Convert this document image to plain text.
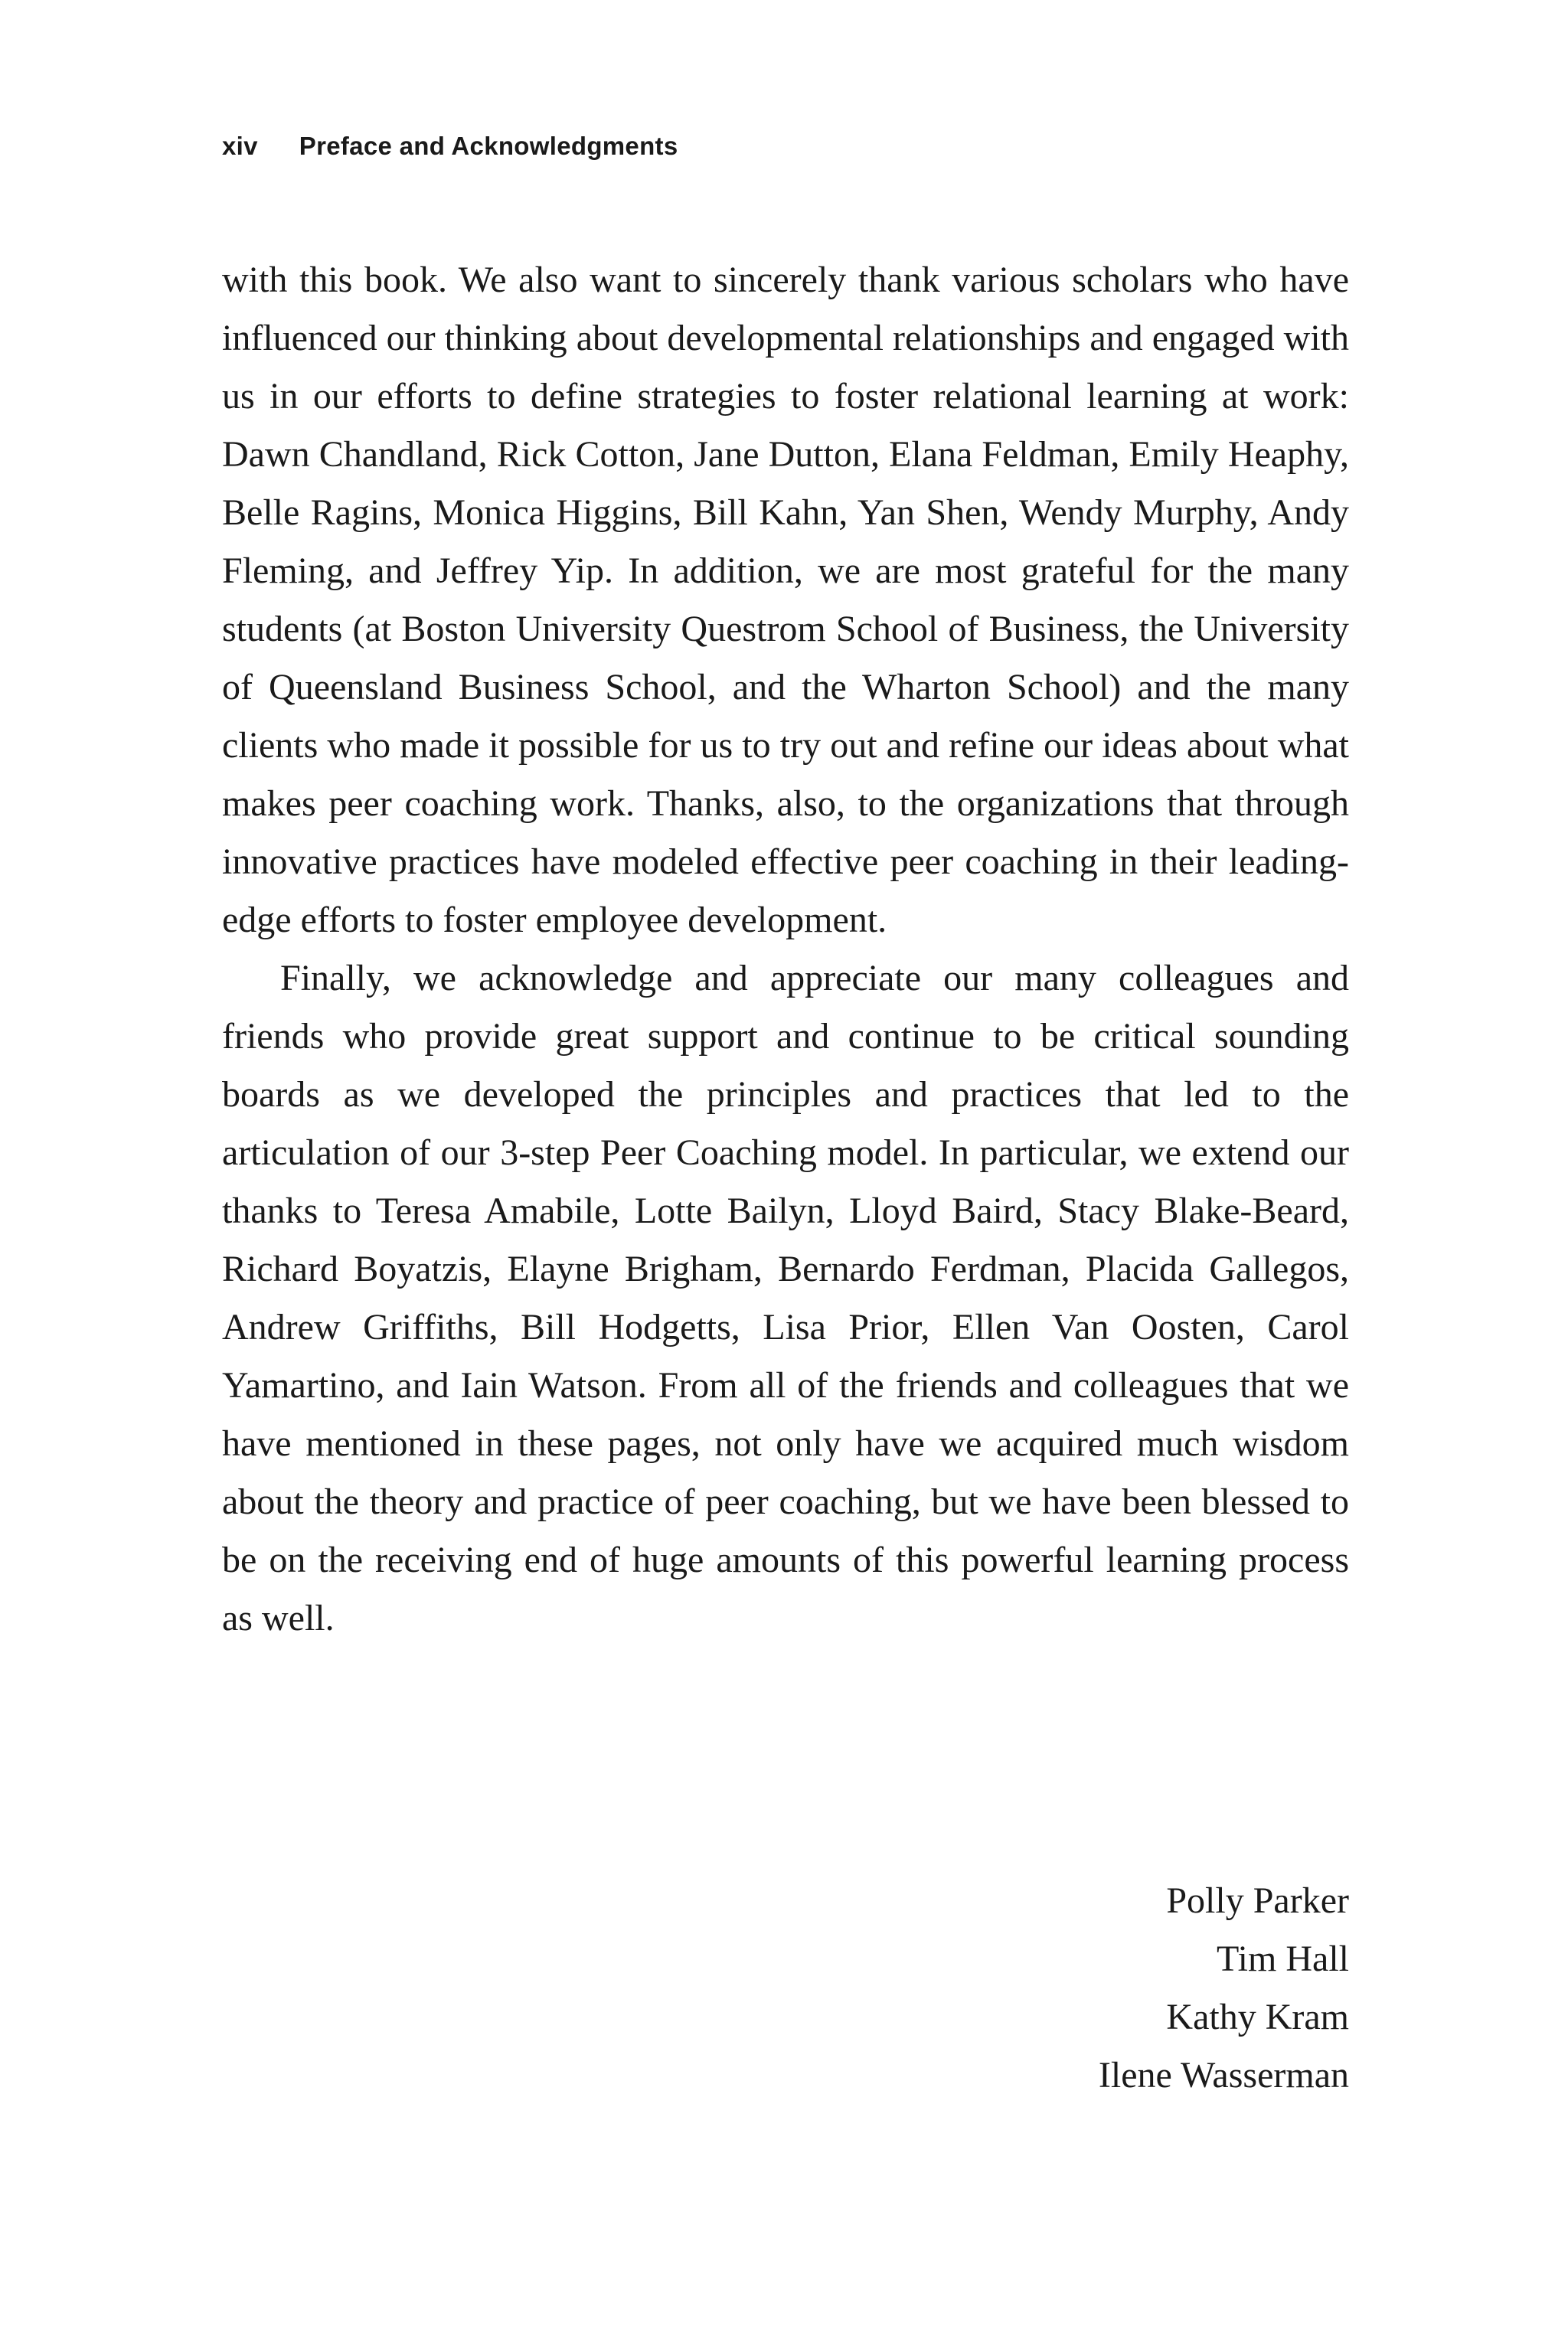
xiv Preface and Acknowledgments

with this book. We also want to sincerely thank various scholars who have influenced our thinking about developmental relationships and engaged with us in our efforts to define strategies to foster relational learning at work: Dawn Chandland, Rick Cotton, Jane Dutton, Elana Feldman, Emily Heaphy, Belle Ragins, Monica Higgins, Bill Kahn, Yan Shen, Wendy Murphy, Andy Fleming, and Jeffrey Yip. In addition, we are most grateful for the many students (at Boston University Questrom School of Business, the University of Queensland Business School, and the Wharton School) and the many clients who made it possible for us to try out and refine our ideas about what makes peer coaching work. Thanks, also, to the organizations that through innovative practices have modeled effective peer coaching in their leading-edge efforts to foster employee development.

Finally, we acknowledge and appreciate our many colleagues and friends who provide great support and continue to be critical sounding boards as we developed the principles and practices that led to the articulation of our 3-step Peer Coaching model. In particular, we extend our thanks to Teresa Amabile, Lotte Bailyn, Lloyd Baird, Stacy Blake-Beard, Richard Boyatzis, Elayne Brigham, Bernardo Ferdman, Placida Gallegos, Andrew Griffiths, Bill Hodgetts, Lisa Prior, Ellen Van Oosten, Carol Yamartino, and Iain Watson. From all of the friends and colleagues that we have mentioned in these pages, not only have we acquired much wisdom about the theory and practice of peer coaching, but we have been blessed to be on the receiving end of huge amounts of this powerful learning process as well.

Polly Parker
Tim Hall
Kathy Kram
Ilene Wasserman
